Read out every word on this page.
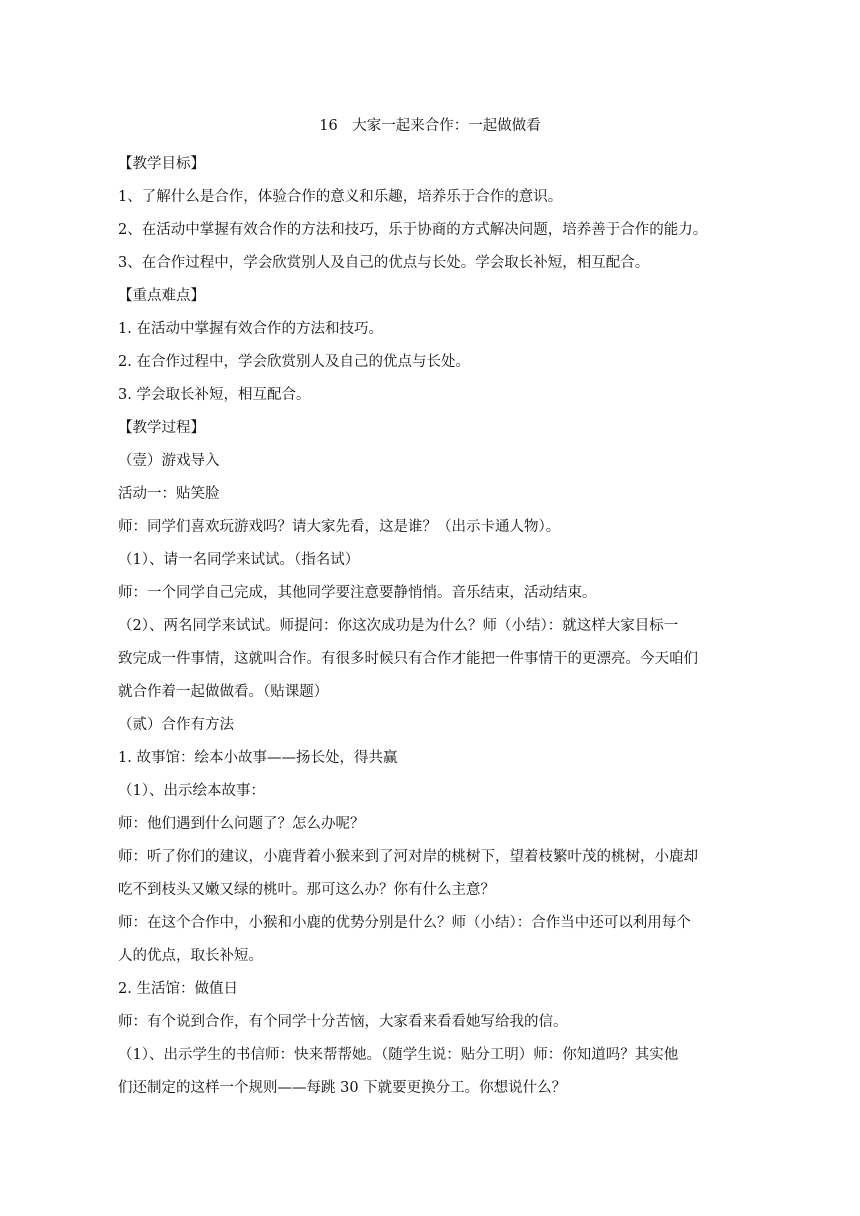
16　大家一起来合作：一起做做看

【教学目标】

1、了解什么是合作，体验合作的意义和乐趣，培养乐于合作的意识。

2、在活动中掌握有效合作的方法和技巧，乐于协商的方式解决问题，培养善于合作的能力。

3、在合作过程中，学会欣赏别人及自己的优点与长处。学会取长补短，相互配合。

【重点难点】

1. 在活动中掌握有效合作的方法和技巧。

2. 在合作过程中，学会欣赏别人及自己的优点与长处。

3. 学会取长补短，相互配合。

【教学过程】

（壹）游戏导入

活动一：贴笑脸

师：同学们喜欢玩游戏吗？请大家先看，这是谁？（出示卡通人物）。

（1）、请一名同学来试试。（指名试）

师：一个同学自己完成，其他同学要注意要静悄悄。音乐结束，活动结束。

（2）、两名同学来试试。师提问：你这次成功是为什么？师（小结）：就这样大家目标一

致完成一件事情，这就叫合作。有很多时候只有合作才能把一件事情干的更漂亮。今天咱们

就合作着一起做做看。（贴课题）

（贰）合作有方法

1. 故事馆：绘本小故事——扬长处，得共赢

（1）、出示绘本故事：

师：他们遇到什么问题了？怎么办呢？

师：听了你们的建议，小鹿背着小猴来到了河对岸的桃树下，望着枝繁叶茂的桃树，小鹿却

吃不到枝头又嫩又绿的桃叶。那可这么办？你有什么主意？

师：在这个合作中，小猴和小鹿的优势分别是什么？师（小结）：合作当中还可以利用每个

人的优点，取长补短。

2. 生活馆：做值日

师：有个说到合作，有个同学十分苦恼，大家看来看看她写给我的信。

（1）、出示学生的书信师：快来帮帮她。（随学生说：贴分工明）师：你知道吗？其实他

们还制定的这样一个规则——每跳 30 下就要更换分工。你想说什么？
